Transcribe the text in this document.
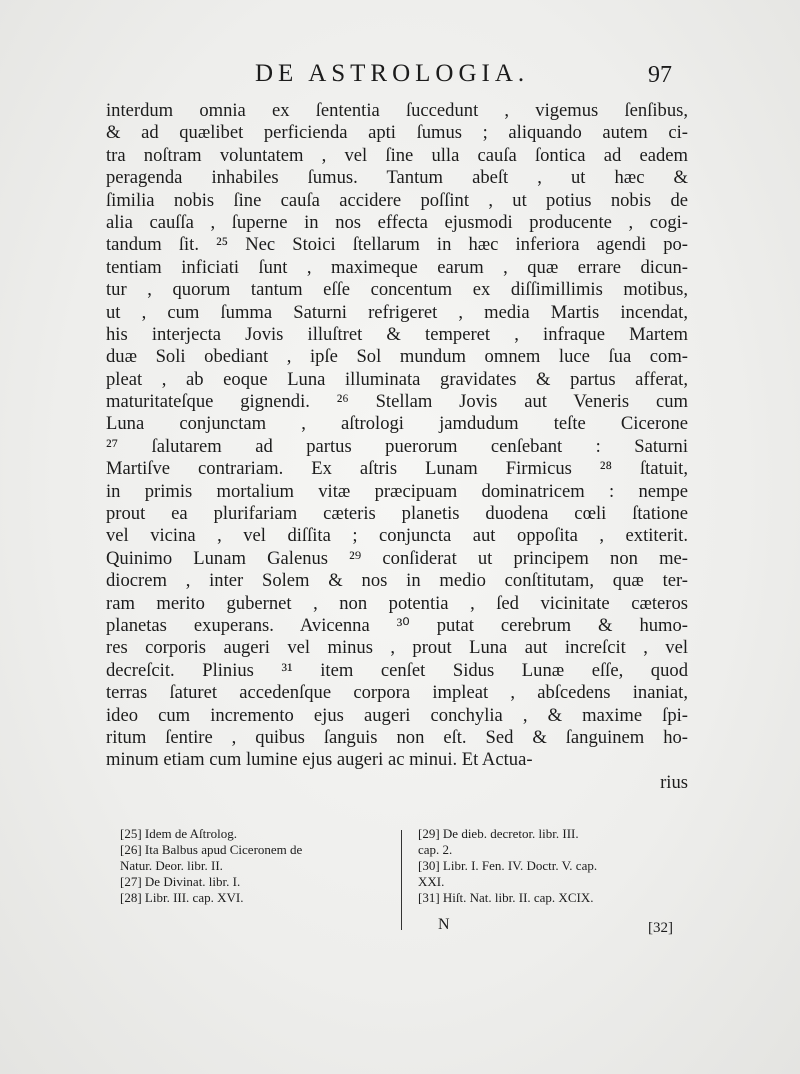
DE ASTROLOGIA.	97
interdum omnia ex ſententia ſuccedunt , vigemus ſenſibus,
& ad quælibet perficienda apti ſumus ; aliquando autem ci-
tra noſtram voluntatem , vel ſine ulla cauſa ſontica ad eadem
peragenda inhabiles ſumus. Tantum abeſt , ut hæc &
ſimilia nobis ſine cauſa accidere poſſint , ut potius nobis de
alia cauſſa , ſuperne in nos effecta ejusmodi producente , cogi-
tandum ſit. ²⁵ Nec Stoici ſtellarum in hæc inferiora agendi po-
tentiam inficiati ſunt , maximeque earum , quæ errare dicun-
tur , quorum tantum eſſe concentum ex diſſimillimis motibus,
ut , cum ſumma Saturni refrigeret , media Martis incendat,
his interjecta Jovis illuſtret & temperet , infraque Martem
duæ Soli obediant , ipſe Sol mundum omnem luce ſua com-
pleat , ab eoque Luna illuminata gravidates & partus afferat,
maturitateſque gignendi. ²⁶ Stellam Jovis aut Veneris cum
Luna conjunctam , aſtrologi jamdudum teſte Cicerone
²⁷ ſalutarem ad partus puerorum cenſebant : Saturni
Martiſve contrariam. Ex aſtris Lunam Firmicus ²⁸ ſtatuit,
in primis mortalium vitæ præcipuam dominatricem : nempe
prout ea plurifariam cæteris planetis duodena cœli ſtatione
vel vicina , vel diſſita ; conjuncta aut oppoſita , extiterit.
Quinimo Lunam Galenus ²⁹ conſiderat ut principem non me-
diocrem , inter Solem & nos in medio conſtitutam, quæ ter-
ram merito gubernet , non potentia , ſed vicinitate cæteros
planetas exuperans. Avicenna ³⁰ putat cerebrum & humo-
res corporis augeri vel minus , prout Luna aut increſcit , vel
decreſcit. Plinius ³¹ item cenſet Sidus Lunæ eſſe, quod
terras ſaturet accedenſque corpora impleat , abſcedens inaniat,
ideo cum incremento ejus augeri conchylia , & maxime ſpi-
ritum ſentire , quibus ſanguis non eſt. Sed & ſanguinem ho-
minum etiam cum lumine ejus augeri ac minui. Et Actua-
rius
[25] Idem de Aſtrolog.
[26] Ita Balbus apud Ciceronem de
Natur. Deor. libr. II.
[27] De Divinat. libr. I.
[28] Libr. III. cap. XVI.
[29] De dieb. decretor. libr. III.
cap. 2.
[30] Libr. I. Fen. IV. Doctr. V. cap.
XXI.
[31] Hiſt. Nat. libr. II. cap. XCIX.
N	[32]
